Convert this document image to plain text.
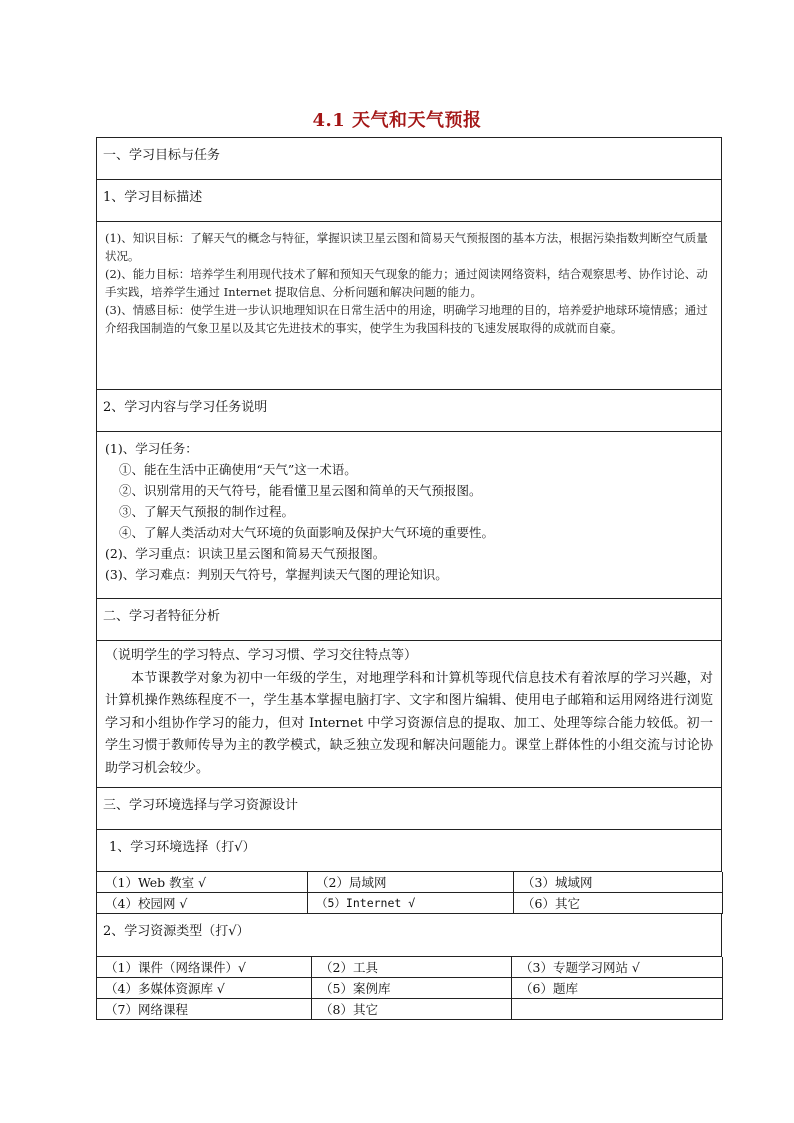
4.1 天气和天气预报
一、学习目标与任务
1、学习目标描述

(1)、知识目标：了解天气的概念与特征，掌握识读卫星云图和简易天气预报图的基本方法，根据污染指数判断空气质量状况。

(2)、能力目标：培养学生利用现代技术了解和预知天气现象的能力；通过阅读网络资料，结合观察思考、协作讨论、动手实践，培养学生通过 Internet 提取信息、分析问题和解决问题的能力。

(3)、情感目标：使学生进一步认识地理知识在日常生活中的用途，明确学习地理的目的，培养爱护地球环境情感；通过介绍我国制造的气象卫星以及其它先进技术的事实，使学生为我国科技的飞速发展取得的成就而自豪。

2、学习内容与学习任务说明

(1)、学习任务：

①、能在生活中正确使用“天气”这一术语。

②、识别常用的天气符号，能看懂卫星云图和简单的天气预报图。

③、了解天气预报的制作过程。

④、了解人类活动对大气环境的负面影响及保护大气环境的重要性。

(2)、学习重点：识读卫星云图和简易天气预报图。

(3)、学习难点：判别天气符号，掌握判读天气图的理论知识。

二、学习者特征分析

（说明学生的学习特点、学习习惯、学习交往特点等）

本节课教学对象为初中一年级的学生，对地理学科和计算机等现代信息技术有着浓厚的学习兴趣，对计算机操作熟练程度不一，学生基本掌握电脑打字、文字和图片编辑、使用电子邮箱和运用网络进行浏览学习和小组协作学习的能力，但对 Internet 中学习资源信息的提取、加工、处理等综合能力较低。初一学生习惯于教师传导为主的教学模式，缺乏独立发现和解决问题能力。课堂上群体性的小组交流与讨论协助学习机会较少。

三、学习环境选择与学习资源设计
1、学习环境选择（打√）
（1）Web 教室 √	（2）局域网	（3）城域网
（4）校园网 √	（5）Internet √	（6）其它
2、学习资源类型（打√）
（1）课件（网络课件）√	（2）工具	（3）专题学习网站 √
（4）多媒体资源库 √	（5）案例库	（6）题库
（7）网络课程	（8）其它	
